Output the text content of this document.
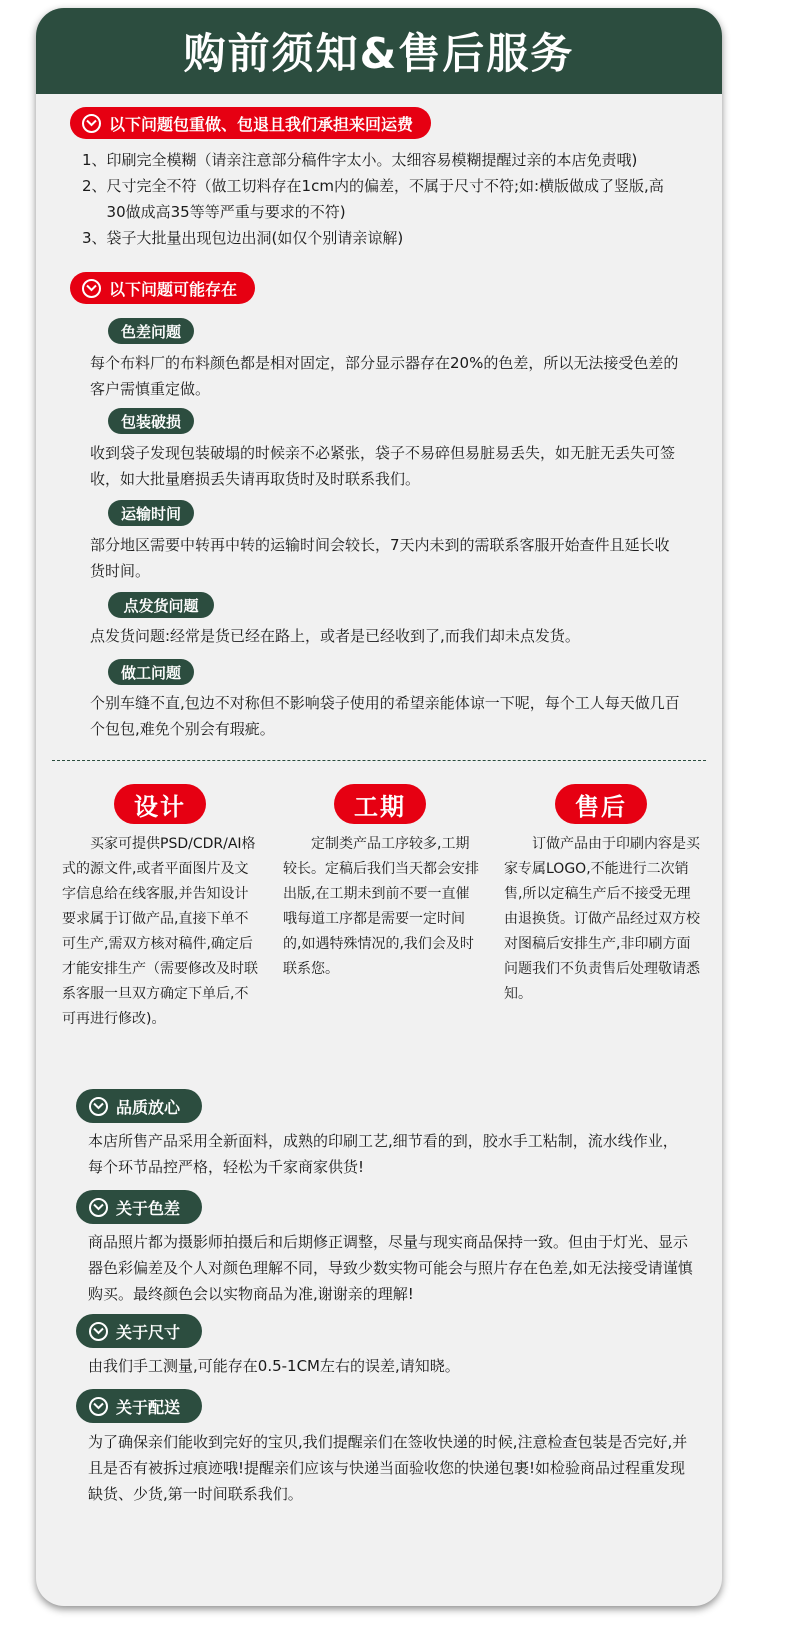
购前须知&售后服务
以下问题包重做、包退且我们承担来回运费
1、 印刷完全模糊（请亲注意部分稿件字太小。太细容易模糊提醒过亲的本店免责哦)
2、 尺寸完全不符（做工切料存在1cm内的偏差，不属于尺寸不符;如:横版做成了竖版,高30做成高35等等严重与要求的不符)
3、 袋子大批量出现包边出洞(如仅个别请亲谅解)
以下问题可能存在
色差问题
每个布料厂的布料颜色都是相对固定，部分显示器存在20%的色差，所以无法接受色差的客户需慎重定做。
包装破损
收到袋子发现包装破塌的时候亲不必紧张，袋子不易碎但易脏易丢失，如无脏无丢失可签收，如大批量磨损丢失请再取货时及时联系我们。
运输时间
部分地区需要中转再中转的运输时间会较长，7天内未到的需联系客服开始查件且延长收货时间。
点发货问题
点发货问题:经常是货已经在路上，或者是已经收到了,而我们却未点发货。
做工问题
个别车缝不直,包边不对称但不影响袋子使用的希望亲能体谅一下呢，每个工人每天做几百个包包,难免个别会有瑕疵。
设计

买家可提供PSD/CDR/AI格式的源文件,或者平面图片及文字信息给在线客服,并告知设计要求属于订做产品,直接下单不可生产,需双方核对稿件,确定后才能安排生产（需要修改及时联系客服一旦双方确定下单后,不可再进行修改)。

工期

定制类产品工序较多,工期较长。定稿后我们当天都会安排出版,在工期未到前不要一直催哦每道工序都是需要一定时间的,如遇特殊情况的,我们会及时联系您。

售后

订做产品由于印刷内容是买家专属LOGO,不能进行二次销售,所以定稿生产后不接受无理由退换货。订做产品经过双方校对图稿后安排生产,非印刷方面问题我们不负责售后处理敬请悉知。

品质放心
本店所售产品采用全新面料，成熟的印刷工艺,细节看的到，胶水手工粘制，流水线作业，每个环节品控严格，轻松为千家商家供货!
关于色差
商品照片都为摄影师拍摄后和后期修正调整，尽量与现实商品保持一致。但由于灯光、显示器色彩偏差及个人对颜色理解不同，导致少数实物可能会与照片存在色差,如无法接受请谨慎购买。最终颜色会以实物商品为准,谢谢亲的理解!
关于尺寸
由我们手工测量,可能存在0.5-1CM左右的误差,请知晓。
关于配送
为了确保亲们能收到完好的宝贝,我们提醒亲们在签收快递的时候,注意检查包装是否完好,并且是否有被拆过痕迹哦!提醒亲们应该与快递当面验收您的快递包裹!如检验商品过程重发现缺货、少货,第一时间联系我们。
